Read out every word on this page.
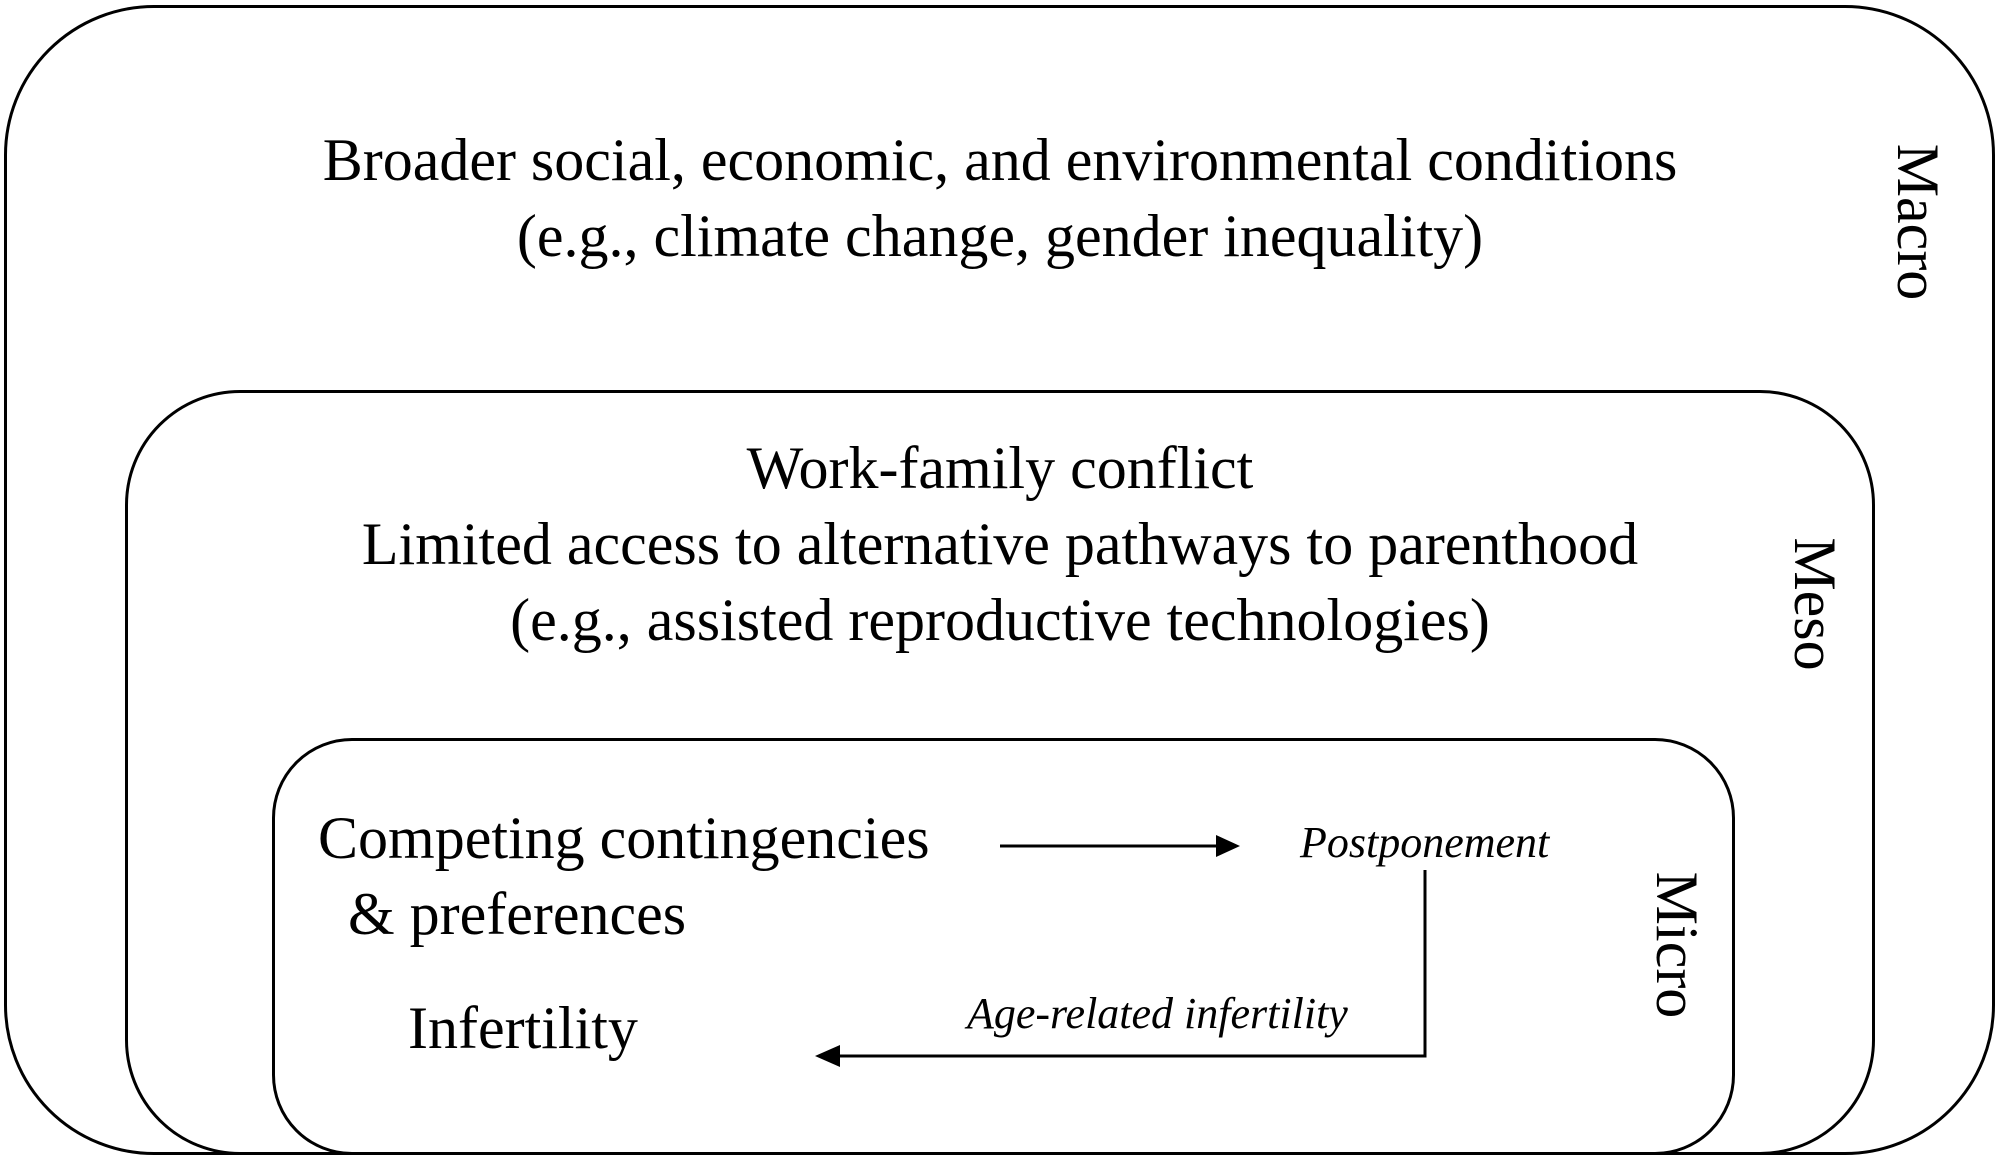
Broader social, economic, and environmental conditions
(e.g., climate change, gender inequality)	Macro
Work-family conflict
Limited access to alternative pathways to parenthood
(e.g., assisted reproductive technologies)	Meso
Micro
Competing contingencies
& preferences
Postponement
Age-related infertility
Infertility
